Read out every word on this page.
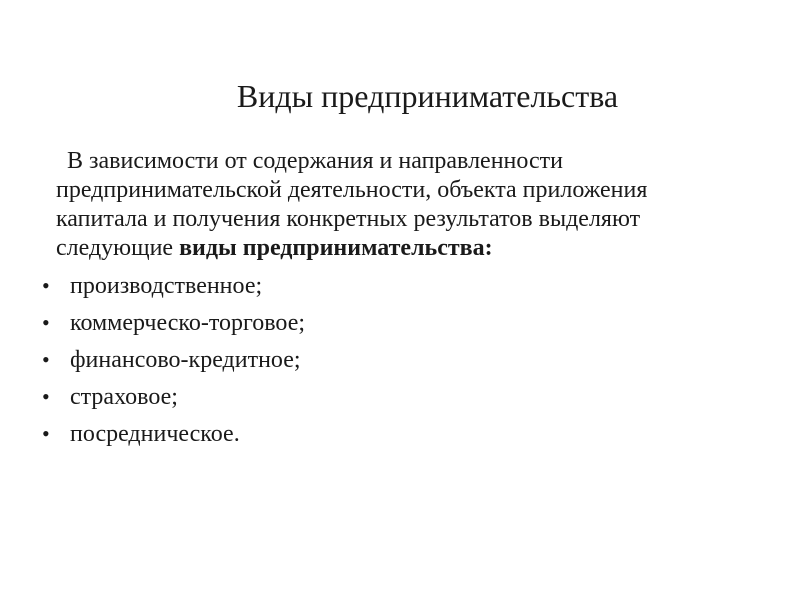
Виды предпринимательства

В зависимости от содержания и направленности
предпринимательской деятельности, объекта приложения
капитала и получения конкретных результатов выделяют
следующие виды предпринимательства:

• производственное;
• коммерческо-торговое;
• финансово-кредитное;
• страховое;
• посредническое.
